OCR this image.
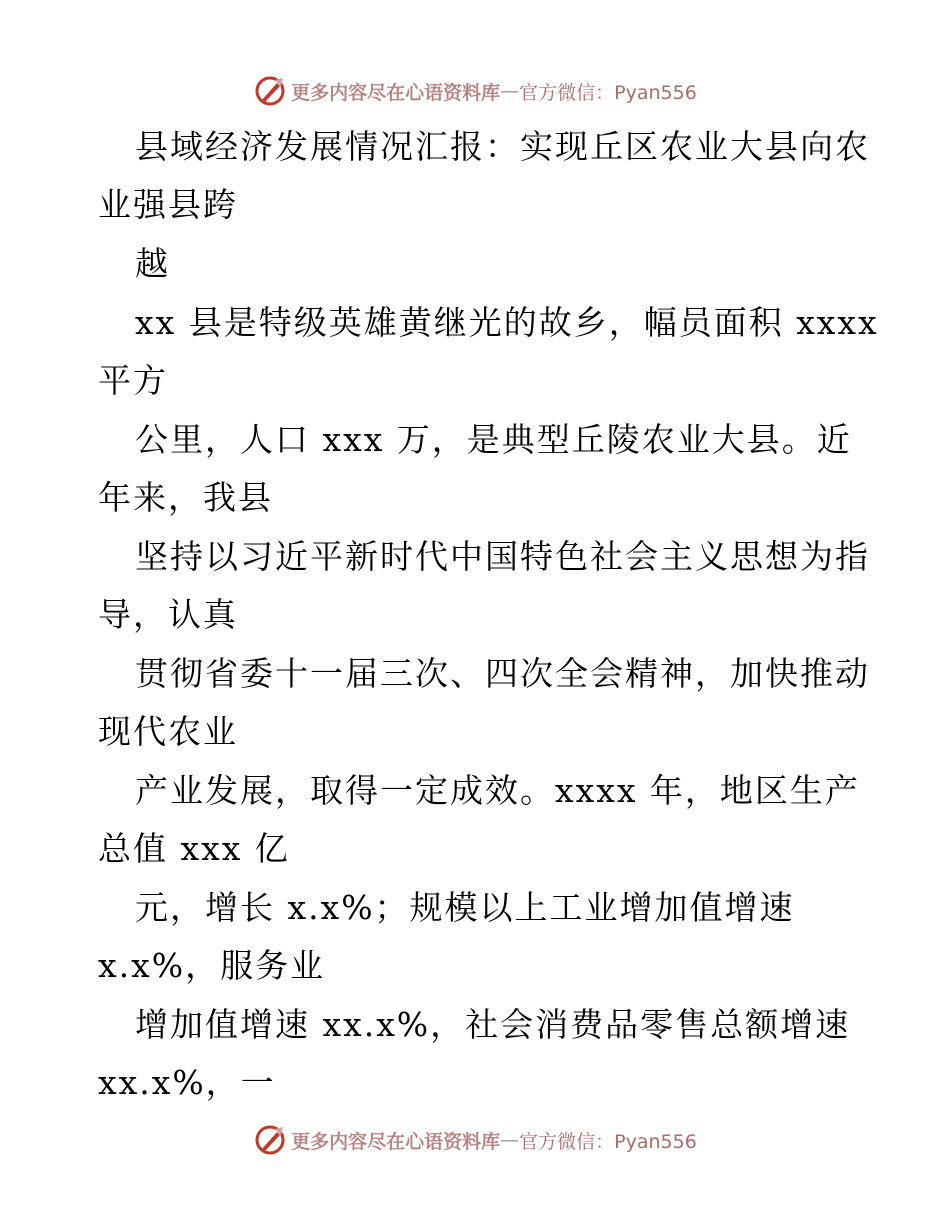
更多内容尽在心语资料库 — 官方微信：Pyan556
县域经济发展情况汇报：实现丘区农业大县向农
业强县跨
越
xx 县是特级英雄黄继光的故乡，幅员面积 xxxx
平方
公里，人口 xxx 万，是典型丘陵农业大县。近
年来，我县
坚持以习近平新时代中国特色社会主义思想为指
导，认真
贯彻省委十一届三次、四次全会精神，加快推动
现代农业
产业发展，取得一定成效。xxxx 年，地区生产
总值 xxx 亿
元，增长 x.x%；规模以上工业增加值增速
x.x%，服务业
增加值增速 xx.x%，社会消费品零售总额增速
xx.x%，一
更多内容尽在心语资料库 — 官方微信：Pyan556
